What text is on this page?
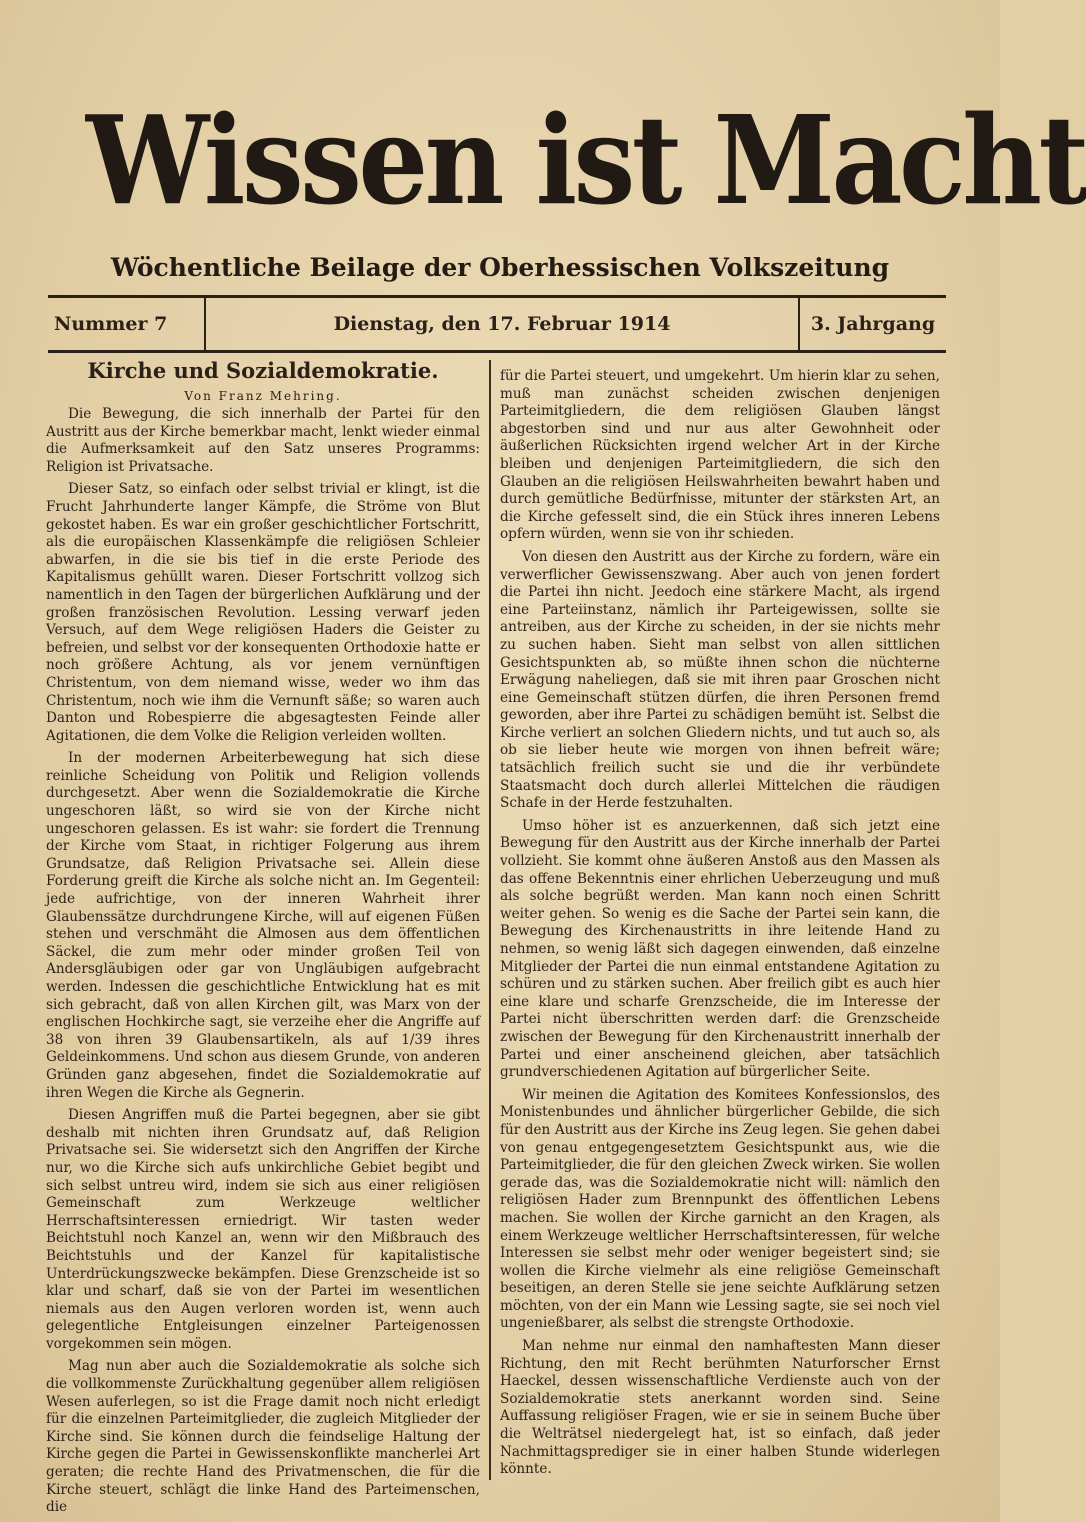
Wissen ist Macht
Wöchentliche Beilage der Oberhessischen Volkszeitung
Nummer 7	Dienstag, den 17. Februar 1914	3. Jahrgang
Kirche und Sozialdemokratie.
Von Franz Mehring.

Die Bewegung, die sich innerhalb der Partei für den Austritt aus der Kirche bemerkbar macht, lenkt wieder einmal die Aufmerksamkeit auf den Satz unseres Programms: Religion ist Privatsache.

Dieser Satz, so einfach oder selbst trivial er klingt, ist die Frucht Jahrhunderte langer Kämpfe, die Ströme von Blut gekostet haben. Es war ein großer geschichtlicher Fortschritt, als die europäischen Klassenkämpfe die religiösen Schleier abwarfen, in die sie bis tief in die erste Periode des Kapitalismus gehüllt waren. Dieser Fortschritt vollzog sich namentlich in den Tagen der bürgerlichen Aufklärung und der großen französischen Revolution. Lessing verwarf jeden Versuch, auf dem Wege religiösen Haders die Geister zu befreien, und selbst vor der konsequenten Orthodoxie hatte er noch größere Achtung, als vor jenem vernünftigen Christentum, von dem niemand wisse, weder wo ihm das Christentum, noch wie ihm die Vernunft säße; so waren auch Danton und Robespierre die abgesagtesten Feinde aller Agitationen, die dem Volke die Religion verleiden wollten.

In der modernen Arbeiterbewegung hat sich diese reinliche Scheidung von Politik und Religion vollends durchgesetzt. Aber wenn die Sozialdemokratie die Kirche ungeschoren läßt, so wird sie von der Kirche nicht ungeschoren gelassen. Es ist wahr: sie fordert die Trennung der Kirche vom Staat, in richtiger Folgerung aus ihrem Grundsatze, daß Religion Privatsache sei. Allein diese Forderung greift die Kirche als solche nicht an. Im Gegenteil: jede aufrichtige, von der inneren Wahrheit ihrer Glaubenssätze durchdrungene Kirche, will auf eigenen Füßen stehen und verschmäht die Almosen aus dem öffentlichen Säckel, die zum mehr oder minder großen Teil von Andersgläubigen oder gar von Ungläubigen aufgebracht werden. Indessen die geschichtliche Entwicklung hat es mit sich gebracht, daß von allen Kirchen gilt, was Marx von der englischen Hochkirche sagt, sie verzeihe eher die Angriffe auf 38 von ihren 39 Glaubensartikeln, als auf 1/39 ihres Geldeinkommens. Und schon aus diesem Grunde, von anderen Gründen ganz abgesehen, findet die Sozialdemokratie auf ihren Wegen die Kirche als Gegnerin.

Diesen Angriffen muß die Partei begegnen, aber sie gibt deshalb mit nichten ihren Grundsatz auf, daß Religion Privatsache sei. Sie widersetzt sich den Angriffen der Kirche nur, wo die Kirche sich aufs unkirchliche Gebiet begibt und sich selbst untreu wird, indem sie sich aus einer religiösen Gemeinschaft zum Werkzeuge weltlicher Herrschaftsinteressen erniedrigt. Wir tasten weder Beichtstuhl noch Kanzel an, wenn wir den Mißbrauch des Beichtstuhls und der Kanzel für kapitalistische Unterdrückungszwecke bekämpfen. Diese Grenzscheide ist so klar und scharf, daß sie von der Partei im wesentlichen niemals aus den Augen verloren worden ist, wenn auch gelegentliche Entgleisungen einzelner Parteigenossen vorgekommen sein mögen.

Mag nun aber auch die Sozialdemokratie als solche sich die vollkommenste Zurückhaltung gegenüber allem religiösen Wesen auferlegen, so ist die Frage damit noch nicht erledigt für die einzelnen Parteimitglieder, die zugleich Mitglieder der Kirche sind. Sie können durch die feindselige Haltung der Kirche gegen die Partei in Gewissenskonflikte mancherlei Art geraten; die rechte Hand des Privatmenschen, die für die Kirche steuert, schlägt die linke Hand des Parteimenschen, die

für die Partei steuert, und umgekehrt. Um hierin klar zu sehen, muß man zunächst scheiden zwischen denjenigen Parteimitgliedern, die dem religiösen Glauben längst abgestorben sind und nur aus alter Gewohnheit oder äußerlichen Rücksichten irgend welcher Art in der Kirche bleiben und denjenigen Parteimitgliedern, die sich den Glauben an die religiösen Heilswahrheiten bewahrt haben und durch gemütliche Bedürfnisse, mitunter der stärksten Art, an die Kirche gefesselt sind, die ein Stück ihres inneren Lebens opfern würden, wenn sie von ihr schieden.

Von diesen den Austritt aus der Kirche zu fordern, wäre ein verwerflicher Gewissenszwang. Aber auch von jenen fordert die Partei ihn nicht. Jeedoch eine stärkere Macht, als irgend eine Parteiinstanz, nämlich ihr Parteigewissen, sollte sie antreiben, aus der Kirche zu scheiden, in der sie nichts mehr zu suchen haben. Sieht man selbst von allen sittlichen Gesichtspunkten ab, so müßte ihnen schon die nüchterne Erwägung naheliegen, daß sie mit ihren paar Groschen nicht eine Gemeinschaft stützen dürfen, die ihren Personen fremd geworden, aber ihre Partei zu schädigen bemüht ist. Selbst die Kirche verliert an solchen Gliedern nichts, und tut auch so, als ob sie lieber heute wie morgen von ihnen befreit wäre; tatsächlich freilich sucht sie und die ihr verbündete Staatsmacht doch durch allerlei Mittelchen die räudigen Schafe in der Herde festzuhalten.

Umso höher ist es anzuerkennen, daß sich jetzt eine Bewegung für den Austritt aus der Kirche innerhalb der Partei vollzieht. Sie kommt ohne äußeren Anstoß aus den Massen als das offene Bekenntnis einer ehrlichen Ueberzeugung und muß als solche begrüßt werden. Man kann noch einen Schritt weiter gehen. So wenig es die Sache der Partei sein kann, die Bewegung des Kirchenaustritts in ihre leitende Hand zu nehmen, so wenig läßt sich dagegen einwenden, daß einzelne Mitglieder der Partei die nun einmal entstandene Agitation zu schüren und zu stärken suchen. Aber freilich gibt es auch hier eine klare und scharfe Grenzscheide, die im Interesse der Partei nicht überschritten werden darf: die Grenzscheide zwischen der Bewegung für den Kirchenaustritt innerhalb der Partei und einer anscheinend gleichen, aber tatsächlich grundverschiedenen Agitation auf bürgerlicher Seite.

Wir meinen die Agitation des Komitees Konfessionslos, des Monistenbundes und ähnlicher bürgerlicher Gebilde, die sich für den Austritt aus der Kirche ins Zeug legen. Sie gehen dabei von genau entgegengesetztem Gesichtspunkt aus, wie die Parteimitglieder, die für den gleichen Zweck wirken. Sie wollen gerade das, was die Sozialdemokratie nicht will: nämlich den religiösen Hader zum Brennpunkt des öffentlichen Lebens machen. Sie wollen der Kirche garnicht an den Kragen, als einem Werkzeuge weltlicher Herrschaftsinteressen, für welche Interessen sie selbst mehr oder weniger begeistert sind; sie wollen die Kirche vielmehr als eine religiöse Gemeinschaft beseitigen, an deren Stelle sie jene seichte Aufklärung setzen möchten, von der ein Mann wie Lessing sagte, sie sei noch viel ungenießbarer, als selbst die strengste Orthodoxie.

Man nehme nur einmal den namhaftesten Mann dieser Richtung, den mit Recht berühmten Naturforscher Ernst Haeckel, dessen wissenschaftliche Verdienste auch von der Sozialdemokratie stets anerkannt worden sind. Seine Auffassung religiöser Fragen, wie er sie in seinem Buche über die Welträtsel niedergelegt hat, ist so einfach, daß jeder Nachmittagsprediger sie in einer halben Stunde widerlegen könnte.
